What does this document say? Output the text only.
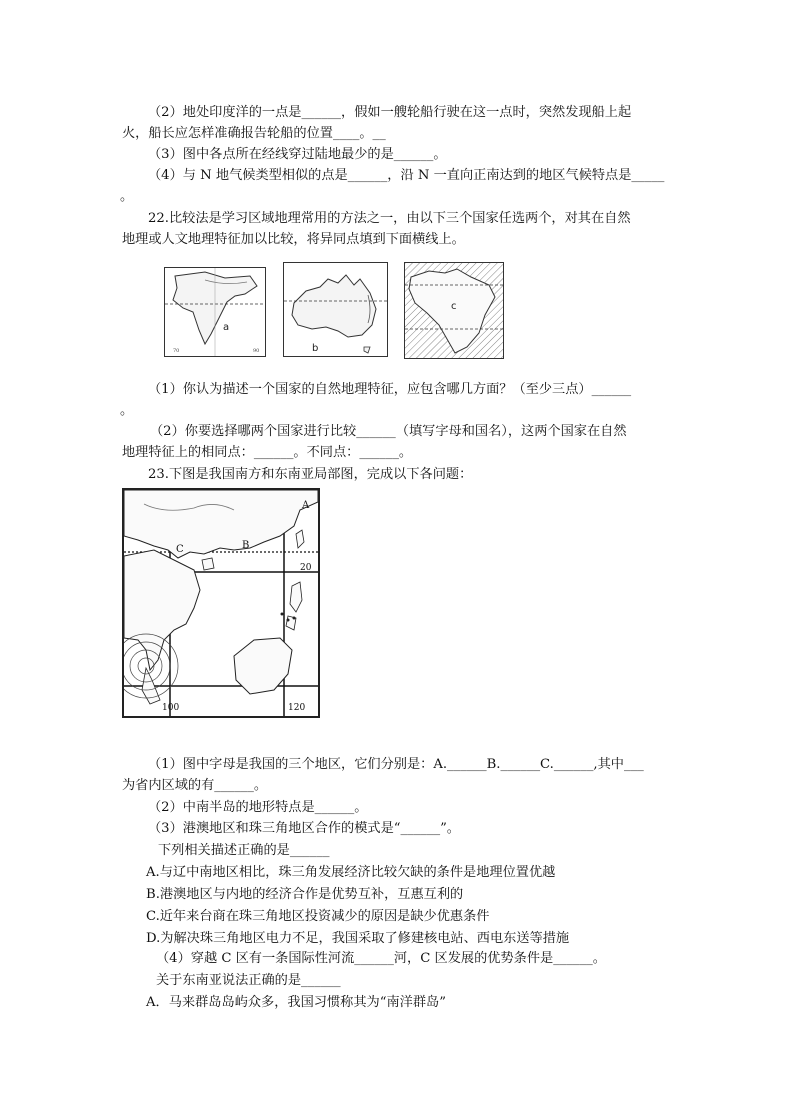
（2）地处印度洋的一点是______，假如一艘轮船行驶在这一点时，突然发现船上起
火，船长应怎样准确报告轮船的位置____。__
（3）图中各点所在经线穿过陆地最少的是______。
（4）与 N 地气候类型相似的点是______，沿 N 一直向正南达到的地区气候特点是_____
。
22.比较法是学习区域地理常用的方法之一，由以下三个国家任选两个，对其在自然
地理或人文地理特征加以比较，将异同点填到下面横线上。
a
70	90	b
c
（1）你认为描述一个国家的自然地理特征，应包含哪几方面？（至少三点）______
。
（2）你要选择哪两个国家进行比较______（填写字母和国名），这两个国家在自然
地理特征上的相同点：______。不同点：______。
23.下图是我国南方和东南亚局部图，完成以下各问题：
A
B
C
20
100	120
（1）图中字母是我国的三个地区，它们分别是：A.______B.______C.______,其中___
为省内区域的有______。
（2）中南半岛的地形特点是______。
（3）港澳地区和珠三角地区合作的模式是“______”。
下列相关描述正确的是______
A.与辽中南地区相比，珠三角发展经济比较欠缺的条件是地理位置优越
B.港澳地区与内地的经济合作是优势互补，互惠互利的
C.近年来台商在珠三角地区投资减少的原因是缺少优惠条件
D.为解决珠三角地区电力不足，我国采取了修建核电站、西电东送等措施
（4）穿越 C 区有一条国际性河流______河，C 区发展的优势条件是______。
关于东南亚说法正确的是______
A．马来群岛岛屿众多，我国习惯称其为“南洋群岛”
